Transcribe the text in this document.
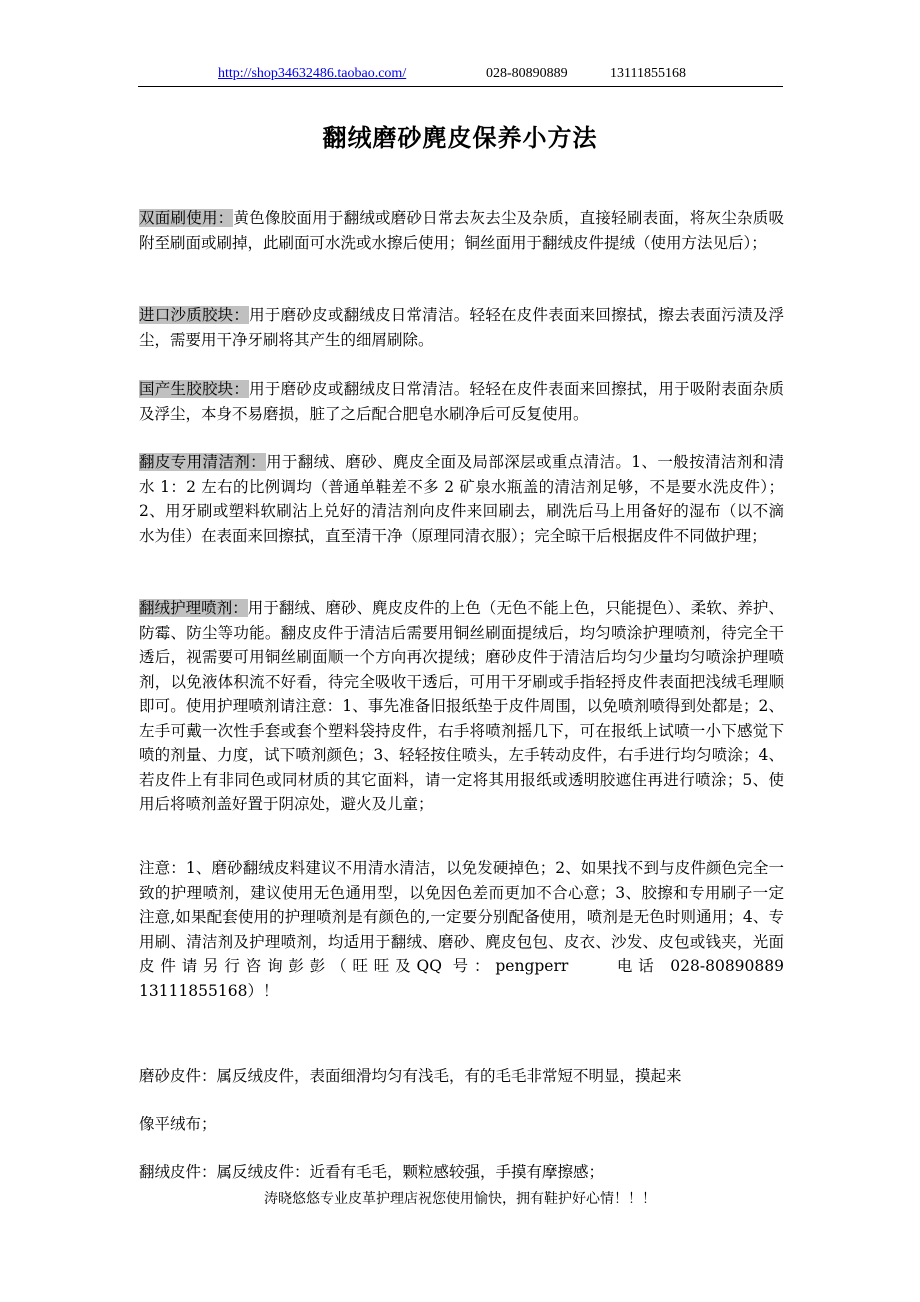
http://shop34632486.taobao.com/	028-80890889	13111855168
翻绒磨砂麂皮保养小方法
双面刷使用：黄色像胶面用于翻绒或磨砂日常去灰去尘及杂质，直接轻刷表面，将灰尘杂质吸附至刷面或刷掉，此刷面可水洗或水擦后使用；铜丝面用于翻绒皮件提绒（使用方法见后）；
进口沙质胶块：用于磨砂皮或翻绒皮日常清洁。轻轻在皮件表面来回擦拭，擦去表面污渍及浮尘，需要用干净牙刷将其产生的细屑刷除。
国产生胶胶块：用于磨砂皮或翻绒皮日常清洁。轻轻在皮件表面来回擦拭，用于吸附表面杂质及浮尘，本身不易磨损，脏了之后配合肥皂水刷净后可反复使用。
翻皮专用清洁剂：用于翻绒、磨砂、麂皮全面及局部深层或重点清洁。1、一般按清洁剂和清水 1：2 左右的比例调均（普通单鞋差不多 2 矿泉水瓶盖的清洁剂足够，不是要水洗皮件）；2、用牙刷或塑料软刷沾上兑好的清洁剂向皮件来回刷去，刷洗后马上用备好的湿布（以不滴水为佳）在表面来回擦拭，直至清干净（原理同清衣服）；完全晾干后根据皮件不同做护理；
翻绒护理喷剂：用于翻绒、磨砂、麂皮皮件的上色（无色不能上色，只能提色）、柔软、养护、防霉、防尘等功能。翻皮皮件于清洁后需要用铜丝刷面提绒后，均匀喷涂护理喷剂，待完全干透后，视需要可用铜丝刷面顺一个方向再次提绒；磨砂皮件于清洁后均匀少量均匀喷涂护理喷剂，以免液体积流不好看，待完全吸收干透后，可用干牙刷或手指轻捋皮件表面把浅绒毛理顺即可。使用护理喷剂请注意：1、事先准备旧报纸垫于皮件周围，以免喷剂喷得到处都是；2、左手可戴一次性手套或套个塑料袋持皮件，右手将喷剂摇几下，可在报纸上试喷一小下感觉下喷的剂量、力度，试下喷剂颜色；3、轻轻按住喷头，左手转动皮件，右手进行均匀喷涂；4、若皮件上有非同色或同材质的其它面料，请一定将其用报纸或透明胶遮住再进行喷涂；5、使用后将喷剂盖好置于阴凉处，避火及儿童；
注意：1、磨砂翻绒皮料建议不用清水清洁，以免发硬掉色；2、如果找不到与皮件颜色完全一致的护理喷剂，建议使用无色通用型，以免因色差而更加不合心意；3、胶擦和专用刷子一定注意,如果配套使用的护理喷剂是有颜色的,一定要分别配备使用，喷剂是无色时则通用；4、专用刷、清洁剂及护理喷剂，均适用于翻绒、磨砂、麂皮包包、皮衣、沙发、皮包或钱夹，光面皮件请另行咨询彭彭（旺旺及QQ 号：pengperr　　电话 028-80890889　　13111855168）！
磨砂皮件：属反绒皮件，表面细滑均匀有浅毛，有的毛毛非常短不明显，摸起来
像平绒布；
翻绒皮件：属反绒皮件：近看有毛毛，颗粒感较强，手摸有摩擦感；
涛晓悠悠专业皮革护理店祝您使用愉快，拥有鞋护好心情！！！
